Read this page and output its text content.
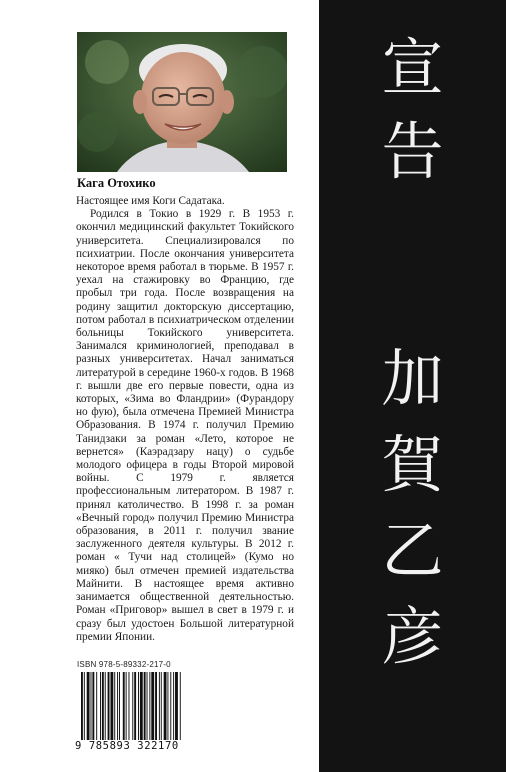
宣
告
加
賀
乙
彦
Кага Отохико

Настоящее имя Коги Садатака.

Родился в Токио в 1929 г. В 1953 г. окончил медицинский факультет Токийского университета. Специализировался по психиатрии. После окончания университета некоторое время работал в тюрьме. В 1957 г. уехал на стажировку во Францию, где пробыл три года. После возвращения на родину защитил докторскую диссертацию, потом работал в психиатрическом отделении больницы Токийского университета. Занимался криминологией, преподавал в разных университетах. Начал заниматься литературой в середине 1960-х годов. В 1968 г. вышли две его первые повести, одна из которых, «Зима во Фландрии» (Фурандору но фую), была отмечена Премией Министра Образования. В 1974 г. получил Премию Танидзаки за роман «Лето, которое не вернется» (Каэрадзару нацу) о судьбе молодого офицера в годы Второй мировой войны. С 1979 г. является профессиональным литератором. В 1987 г. принял католичество. В 1998 г. за роман «Вечный город» получил Премию Министра образования, в 2011 г. получил звание заслуженного деятеля культуры. В 2012 г. роман « Тучи над столицей» (Кумо но мияко) был отмечен премией издательства Майнити. В настоящее время активно занимается общественной деятельностью. Роман «Приговор» вышел в свет в 1979 г. и сразу был удостоен Большой литературной премии Японии.

ISBN 978-5-89332-217-0
9 785893 322170
